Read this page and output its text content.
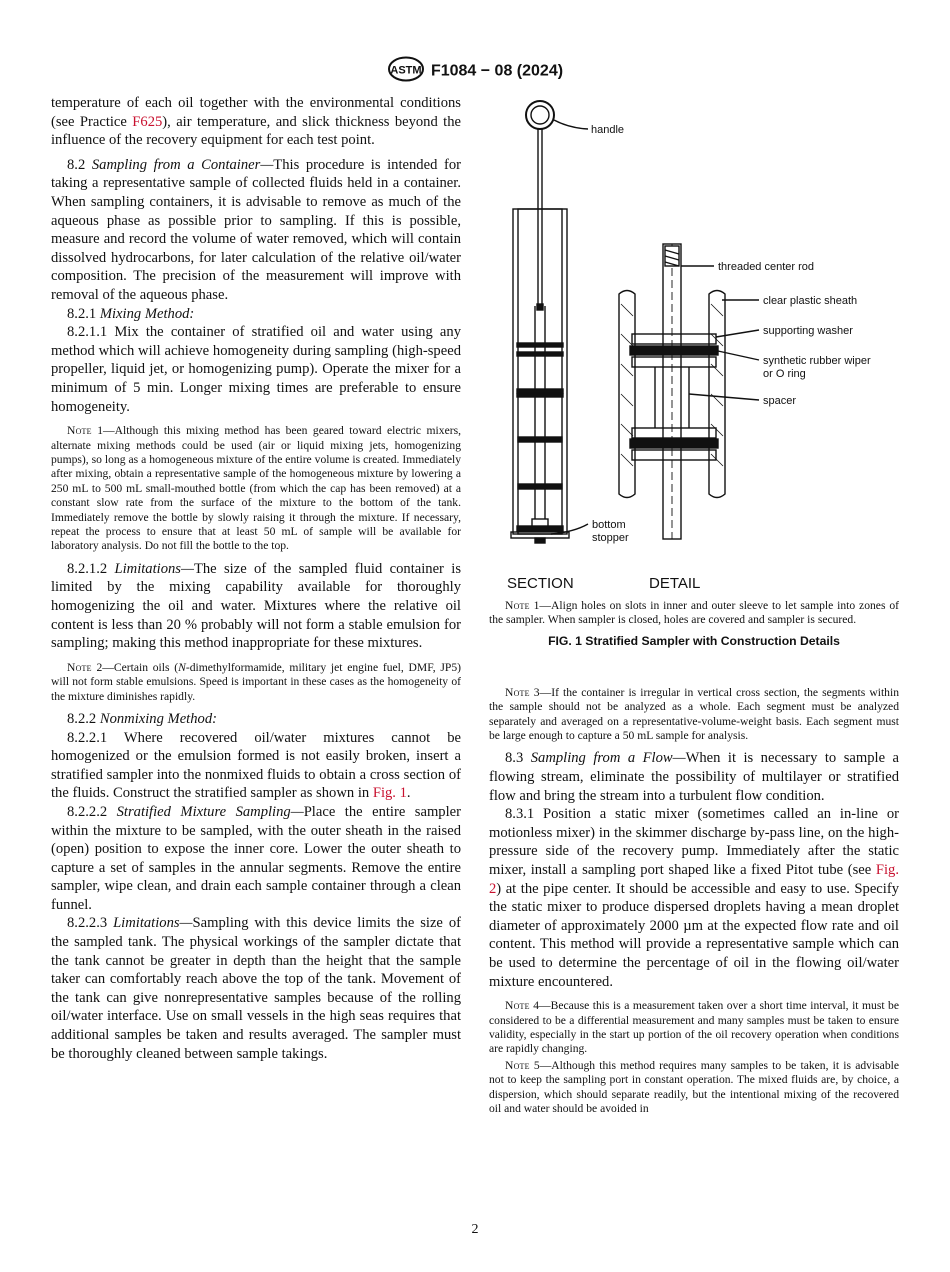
ASTM F1084 − 08 (2024)

temperature of each oil together with the environmental conditions (see Practice F625), air temperature, and slick thickness beyond the influence of the recovery equipment for each test point.

8.2 Sampling from a Container—This procedure is intended for taking a representative sample of collected fluids held in a container. When sampling containers, it is advisable to remove as much of the aqueous phase as possible prior to sampling. If this is possible, measure and record the volume of water removed, which will contain dissolved hydrocarbons, for later calculation of the relative oil/water composition. The precision of the measurement will improve with removal of the aqueous phase.

8.2.1 Mixing Method:

8.2.1.1 Mix the container of stratified oil and water using any method which will achieve homogeneity during sampling (high-speed propeller, liquid jet, or homogenizing pump). Operate the mixer for a minimum of 5 min. Longer mixing times are preferable to ensure homogeneity.

Note 1—Although this mixing method has been geared toward electric mixers, alternate mixing methods could be used (air or liquid mixing jets, homogenizing pumps), so long as a homogeneous mixture of the entire volume is created. Immediately after mixing, obtain a representative sample of the homogeneous mixture by lowering a 250 mL to 500 mL small-mouthed bottle (from which the cap has been removed) at a constant slow rate from the surface of the mixture to the bottom of the tank. Immediately remove the bottle by slowly raising it through the mixture. If necessary, repeat the process to ensure that at least 50 mL of sample will be available for laboratory analysis. Do not fill the bottle to the top.

8.2.1.2 Limitations—The size of the sampled fluid container is limited by the mixing capability available for thoroughly homogenizing the oil and water. Mixtures where the relative oil content is less than 20 % probably will not form a stable emulsion for sampling; making this method inappropriate for these mixtures.

Note 2—Certain oils (N-dimethylformamide, military jet engine fuel, DMF, JP5) will not form stable emulsions. Speed is important in these cases as the homogeneity of the mixture diminishes rapidly.

8.2.2 Nonmixing Method:

8.2.2.1 Where recovered oil/water mixtures cannot be homogenized or the emulsion formed is not easily broken, insert a stratified sampler into the nonmixed fluids to obtain a cross section of the fluids. Construct the stratified sampler as shown in Fig. 1.

8.2.2.2 Stratified Mixture Sampling—Place the entire sampler within the mixture to be sampled, with the outer sheath in the raised (open) position to expose the inner core. Lower the outer sheath to capture a set of samples in the annular segments. Remove the entire sampler, wipe clean, and drain each sample container through a clean funnel.

8.2.2.3 Limitations—Sampling with this device limits the size of the sampled tank. The physical workings of the sampler dictate that the tank cannot be greater in depth than the height that the sample taker can comfortably reach above the top of the tank. Movement of the tank can give nonrepresentative samples because of the rolling oil/water interface. Use on small vessels in the high seas requires that additional samples be taken and results averaged. The sampler must be thoroughly cleaned between sample takings.

handle
threaded center rod
clear plastic sheath
supporting washer
synthetic rubber wiper
or O ring
spacer
bottom
stopper
SECTION	DETAIL

Note 1—Align holes on slots in inner and outer sleeve to let sample into zones of the sampler. When sampler is closed, holes are covered and sampler is secured.

FIG. 1 Stratified Sampler with Construction Details

Note 3—If the container is irregular in vertical cross section, the segments within the sample should not be analyzed as a whole. Each segment must be analyzed separately and averaged on a representative-volume-weight basis. Each segment must be large enough to capture a 50 mL sample for analysis.

8.3 Sampling from a Flow—When it is necessary to sample a flowing stream, eliminate the possibility of multilayer or stratified flow and bring the stream into a turbulent flow condition.

8.3.1 Position a static mixer (sometimes called an in-line or motionless mixer) in the skimmer discharge by-pass line, on the high-pressure side of the recovery pump. Immediately after the static mixer, install a sampling port shaped like a fixed Pitot tube (see Fig. 2) at the pipe center. It should be accessible and easy to use. Specify the static mixer to produce dispersed droplets having a mean droplet diameter of approximately 2000 µm at the expected flow rate and oil content. This method will provide a representative sample which can be used to determine the percentage of oil in the flowing oil/water mixture encountered.

Note 4—Because this is a measurement taken over a short time interval, it must be considered to be a differential measurement and many samples must be taken to ensure validity, especially in the start up portion of the oil recovery operation when conditions are rapidly changing.

Note 5—Although this method requires many samples to be taken, it is advisable not to keep the sampling port in constant operation. The mixed fluids are, by choice, a dispersion, which should separate readily, but the intentional mixing of the recovered oil and water should be avoided in

2
